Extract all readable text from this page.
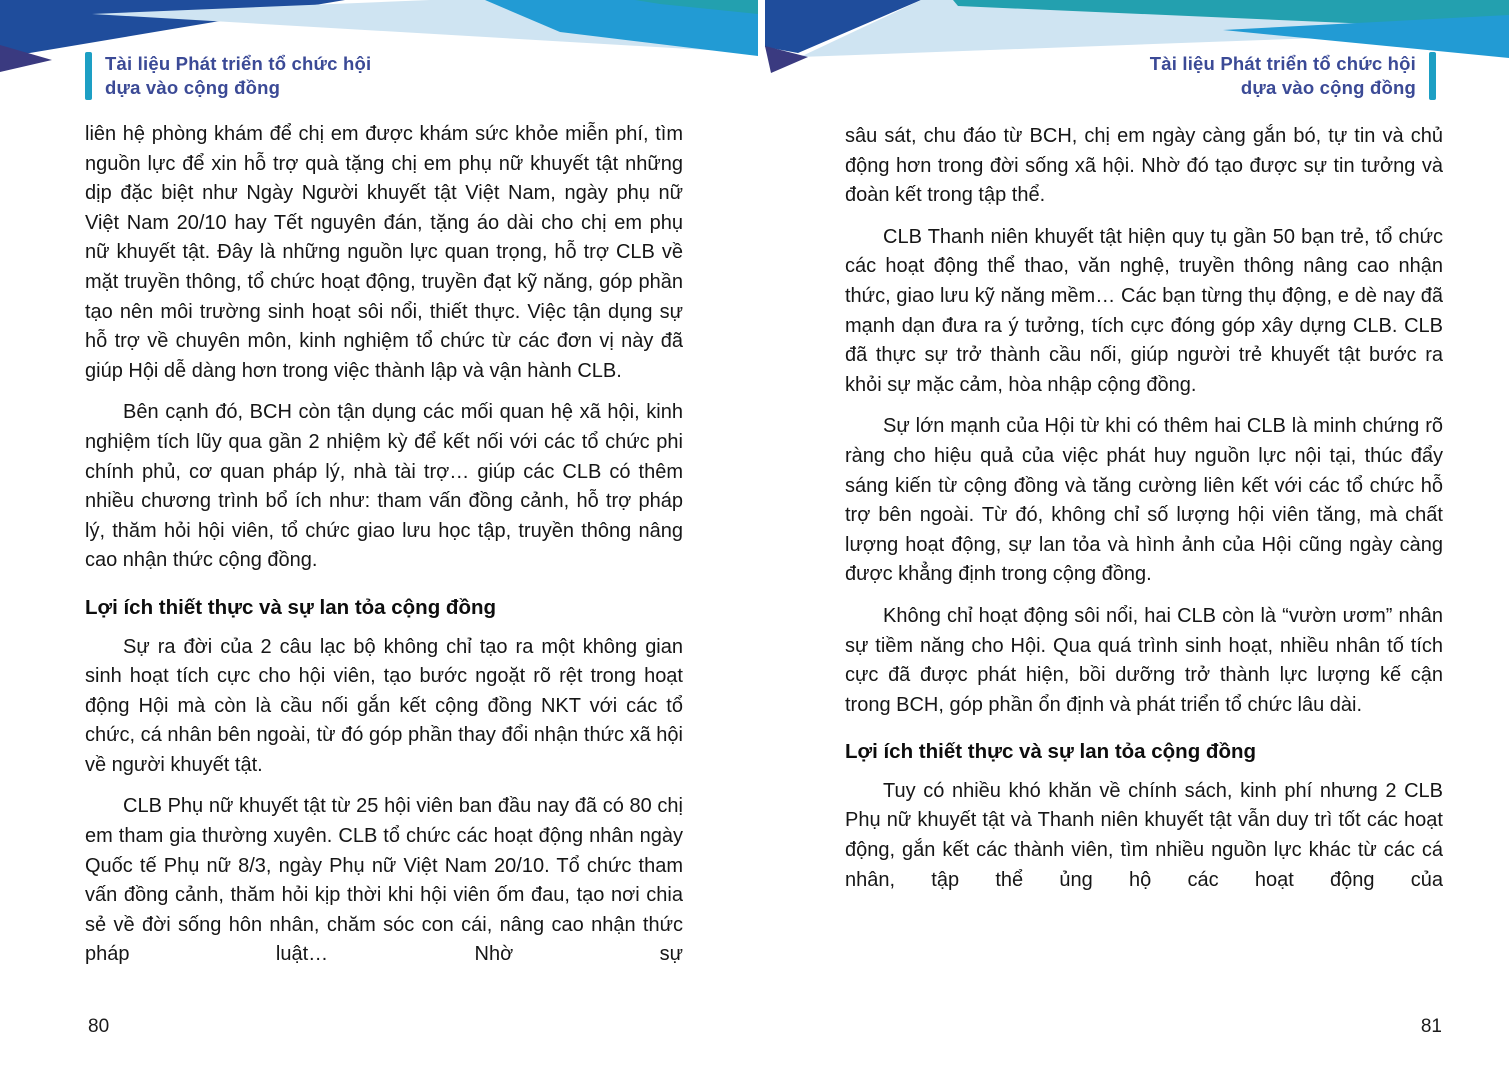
Tài liệu Phát triển tổ chức hội
dựa vào cộng đồng
Tài liệu Phát triển tổ chức hội
dựa vào cộng đồng

liên hệ phòng khám để chị em được khám sức khỏe miễn phí, tìm nguồn lực để xin hỗ trợ quà tặng chị em phụ nữ khuyết tật những dịp đặc biệt như Ngày Người khuyết tật Việt Nam, ngày phụ nữ Việt Nam 20/10 hay Tết nguyên đán, tặng áo dài cho chị em phụ nữ khuyết tật. Đây là những nguồn lực quan trọng, hỗ trợ CLB về mặt truyền thông, tổ chức hoạt động, truyền đạt kỹ năng, góp phần tạo nên môi trường sinh hoạt sôi nổi, thiết thực. Việc tận dụng sự hỗ trợ về chuyên môn, kinh nghiệm tổ chức từ các đơn vị này đã giúp Hội dễ dàng hơn trong việc thành lập và vận hành CLB.

Bên cạnh đó, BCH còn tận dụng các mối quan hệ xã hội, kinh nghiệm tích lũy qua gần 2 nhiệm kỳ để kết nối với các tổ chức phi chính phủ, cơ quan pháp lý, nhà tài trợ… giúp các CLB có thêm nhiều chương trình bổ ích như: tham vấn đồng cảnh, hỗ trợ pháp lý, thăm hỏi hội viên, tổ chức giao lưu học tập, truyền thông nâng cao nhận thức cộng đồng.

Lợi ích thiết thực và sự lan tỏa cộng đồng

Sự ra đời của 2 câu lạc bộ không chỉ tạo ra một không gian sinh hoạt tích cực cho hội viên, tạo bước ngoặt rõ rệt trong hoạt động Hội mà còn là cầu nối gắn kết cộng đồng NKT với các tổ chức, cá nhân bên ngoài, từ đó góp phần thay đổi nhận thức xã hội về người khuyết tật.

CLB Phụ nữ khuyết tật từ 25 hội viên ban đầu nay đã có 80 chị em tham gia thường xuyên. CLB tổ chức các hoạt động nhân ngày Quốc tế Phụ nữ 8/3, ngày Phụ nữ Việt Nam 20/10. Tổ chức tham vấn đồng cảnh, thăm hỏi kịp thời khi hội viên ốm đau, tạo nơi chia sẻ về đời sống hôn nhân, chăm sóc con cái, nâng cao nhận thức pháp luật… Nhờ sự

sâu sát, chu đáo từ BCH, chị em ngày càng gắn bó, tự tin và chủ động hơn trong đời sống xã hội. Nhờ đó tạo được sự tin tưởng và đoàn kết trong tập thể.

CLB Thanh niên khuyết tật hiện quy tụ gần 50 bạn trẻ, tổ chức các hoạt động thể thao, văn nghệ, truyền thông nâng cao nhận thức, giao lưu kỹ năng mềm… Các bạn từng thụ động, e dè nay đã mạnh dạn đưa ra ý tưởng, tích cực đóng góp xây dựng CLB. CLB đã thực sự trở thành cầu nối, giúp người trẻ khuyết tật bước ra khỏi sự mặc cảm, hòa nhập cộng đồng.

Sự lớn mạnh của Hội từ khi có thêm hai CLB là minh chứng rõ ràng cho hiệu quả của việc phát huy nguồn lực nội tại, thúc đẩy sáng kiến từ cộng đồng và tăng cường liên kết với các tổ chức hỗ trợ bên ngoài. Từ đó, không chỉ số lượng hội viên tăng, mà chất lượng hoạt động, sự lan tỏa và hình ảnh của Hội cũng ngày càng được khẳng định trong cộng đồng.

Không chỉ hoạt động sôi nổi, hai CLB còn là “vườn ươm” nhân sự tiềm năng cho Hội. Qua quá trình sinh hoạt, nhiều nhân tố tích cực đã được phát hiện, bồi dưỡng trở thành lực lượng kế cận trong BCH, góp phần ổn định và phát triển tổ chức lâu dài.

Lợi ích thiết thực và sự lan tỏa cộng đồng

Tuy có nhiều khó khăn về chính sách, kinh phí nhưng 2 CLB Phụ nữ khuyết tật và Thanh niên khuyết tật vẫn duy trì tốt các hoạt động, gắn kết các thành viên, tìm nhiều nguồn lực khác từ các cá nhân, tập thể ủng hộ các hoạt động của

80	81
